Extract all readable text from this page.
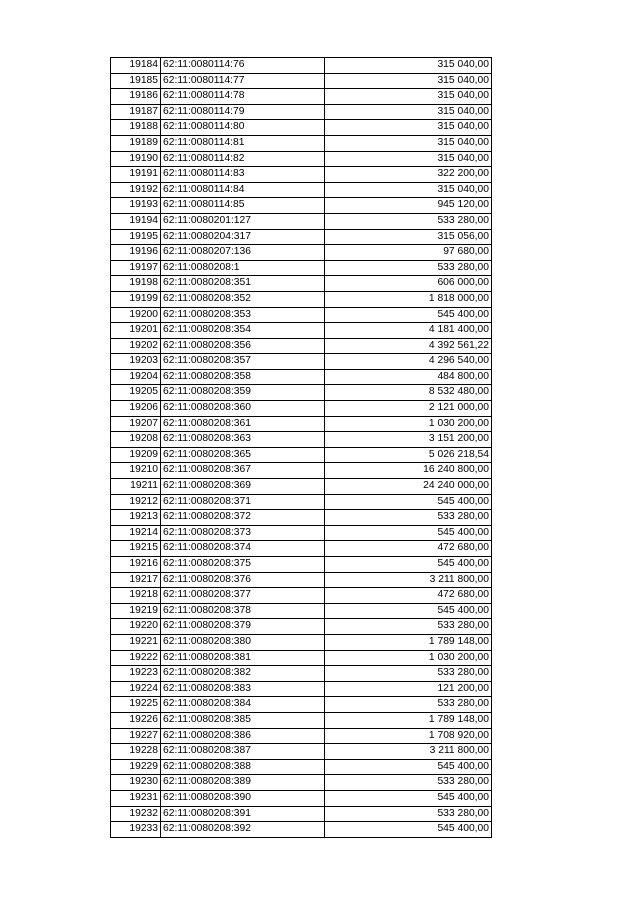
19184	62:11:0080114:76	315 040,00
19185	62:11:0080114:77	315 040,00
19186	62:11:0080114:78	315 040,00
19187	62:11:0080114:79	315 040,00
19188	62:11:0080114:80	315 040,00
19189	62:11:0080114:81	315 040,00
19190	62:11:0080114:82	315 040,00
19191	62:11:0080114:83	322 200,00
19192	62:11:0080114:84	315 040,00
19193	62:11:0080114:85	945 120,00
19194	62:11:0080201:127	533 280,00
19195	62:11:0080204:317	315 056,00
19196	62:11:0080207:136	97 680,00
19197	62:11:0080208:1	533 280,00
19198	62:11:0080208:351	606 000,00
19199	62:11:0080208:352	1 818 000,00
19200	62:11:0080208:353	545 400,00
19201	62:11:0080208:354	4 181 400,00
19202	62:11:0080208:356	4 392 561,22
19203	62:11:0080208:357	4 296 540,00
19204	62:11:0080208:358	484 800,00
19205	62:11:0080208:359	8 532 480,00
19206	62:11:0080208:360	2 121 000,00
19207	62:11:0080208:361	1 030 200,00
19208	62:11:0080208:363	3 151 200,00
19209	62:11:0080208:365	5 026 218,54
19210	62:11:0080208:367	16 240 800,00
19211	62:11:0080208:369	24 240 000,00
19212	62:11:0080208:371	545 400,00
19213	62:11:0080208:372	533 280,00
19214	62:11:0080208:373	545 400,00
19215	62:11:0080208:374	472 680,00
19216	62:11:0080208:375	545 400,00
19217	62:11:0080208:376	3 211 800,00
19218	62:11:0080208:377	472 680,00
19219	62:11:0080208:378	545 400,00
19220	62:11:0080208:379	533 280,00
19221	62:11:0080208:380	1 789 148,00
19222	62:11:0080208:381	1 030 200,00
19223	62:11:0080208:382	533 280,00
19224	62:11:0080208:383	121 200,00
19225	62:11:0080208:384	533 280,00
19226	62:11:0080208:385	1 789 148,00
19227	62:11:0080208:386	1 708 920,00
19228	62:11:0080208:387	3 211 800,00
19229	62:11:0080208:388	545 400,00
19230	62:11:0080208:389	533 280,00
19231	62:11:0080208:390	545 400,00
19232	62:11:0080208:391	533 280,00
19233	62:11:0080208:392	545 400,00
